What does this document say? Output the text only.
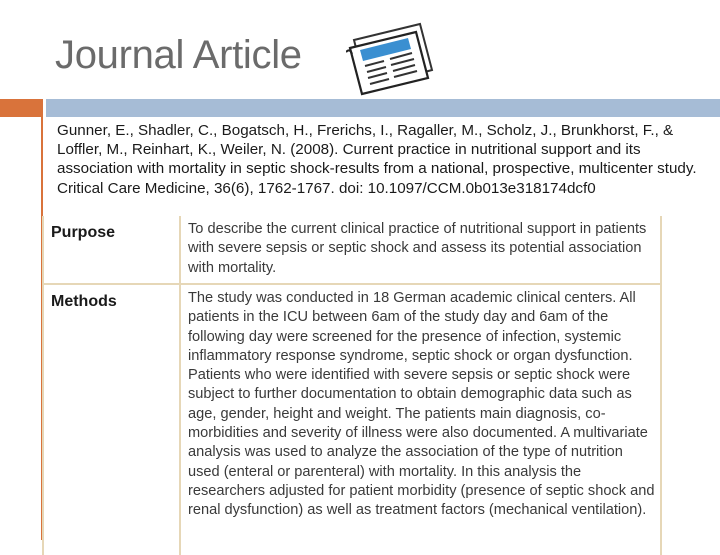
Journal Article
Gunner, E., Shadler, C., Bogatsch, H., Frerichs, I., Ragaller, M., Scholz, J., Brunkhorst, F., & Loffler, M., Reinhart, K., Weiler, N. (2008). Current practice in nutritional support and its association with mortality in septic shock-results from a national, prospective, multicenter study. Critical Care Medicine, 36(6), 1762-1767. doi: 10.1097/CCM.0b013e318174dcf0
Purpose	To describe the current clinical practice of nutritional support in patients with severe sepsis or septic shock and assess its potential association with mortality.
Methods	The study was conducted in 18 German academic clinical centers. All patients in the ICU between 6am of the study day and 6am of the following day were screened for the presence of infection, systemic inflammatory response syndrome, septic shock or organ dysfunction. Patients who were identified with severe sepsis or septic shock were subject to further documentation to obtain demographic data such as age, gender, height and weight. The patients main diagnosis, co-morbidities and severity of illness were also documented. A multivariate analysis was used to analyze the association of the type of nutrition used (enteral or parenteral) with mortality. In this analysis the researchers adjusted for patient morbidity (presence of septic shock and renal dysfunction) as well as treatment factors (mechanical ventilation).
